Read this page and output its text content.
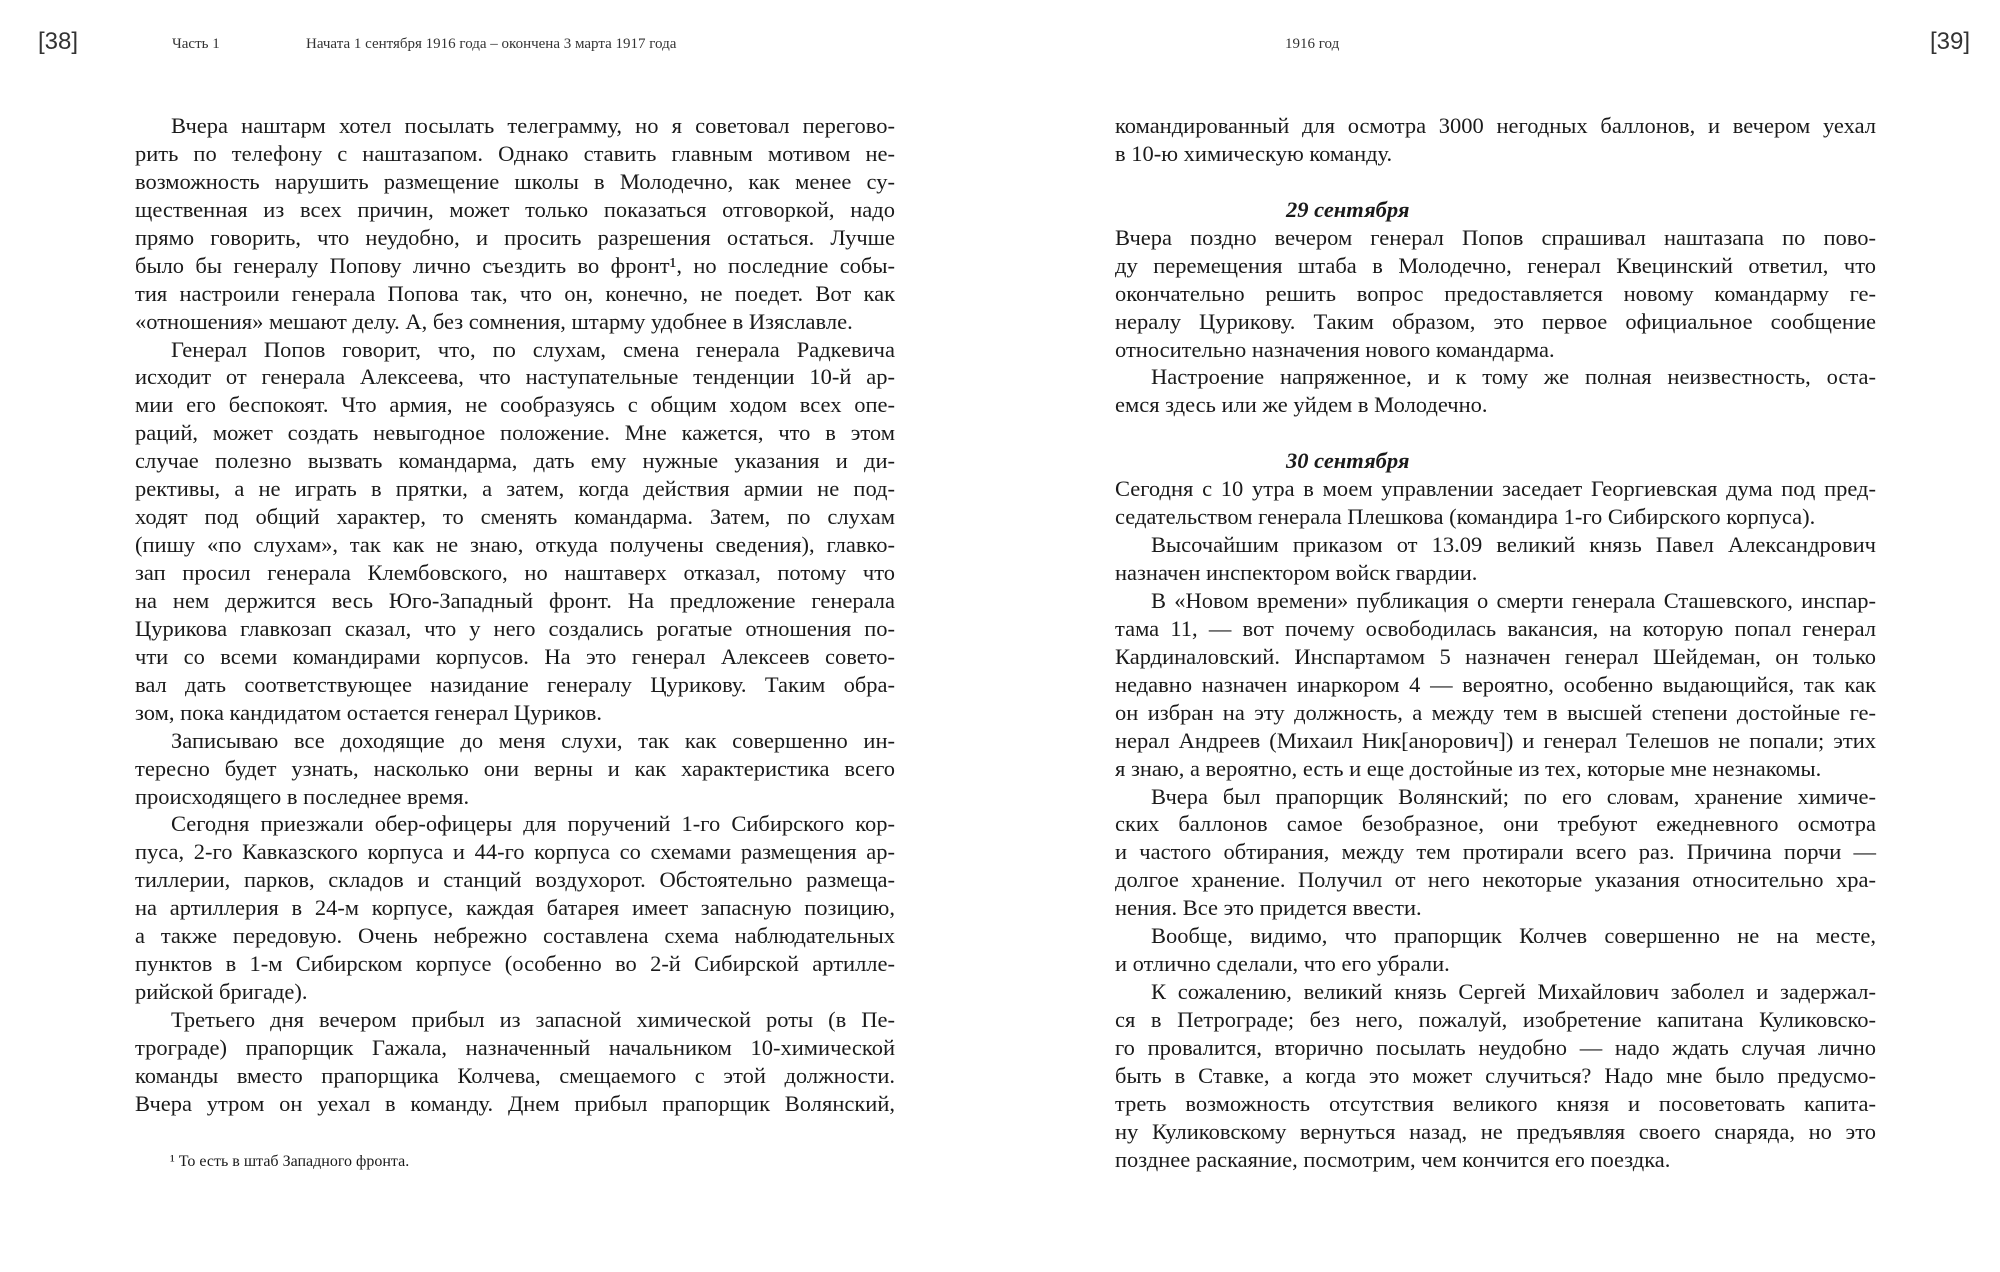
[38]	Часть 1	Начата 1 сентября 1916 года – окончена 3 марта 1917 года	1916 год	[39]
Вчера наштарм хотел посылать телеграмму, но я советовал перегово-
рить по телефону с наштазапом. Однако ставить главным мотивом не-
возможность нарушить размещение школы в Молодечно, как менее су-
щественная из всех причин, может только показаться отговоркой, надо
прямо говорить, что неудобно, и просить разрешения остаться. Лучше
было бы генералу Попову лично съездить во фронт¹, но последние собы-
тия настроили генерала Попова так, что он, конечно, не поедет. Вот как
«отношения» мешают делу. А, без сомнения, штарму удобнее в Изяславле.
Генерал Попов говорит, что, по слухам, смена генерала Радкевича
исходит от генерала Алексеева, что наступательные тенденции 10-й ар-
мии его беспокоят. Что армия, не сообразуясь с общим ходом всех опе-
раций, может создать невыгодное положение. Мне кажется, что в этом
случае полезно вызвать командарма, дать ему нужные указания и ди-
рективы, а не играть в прятки, а затем, когда действия армии не под-
ходят под общий характер, то сменять командарма. Затем, по слухам
(пишу «по слухам», так как не знаю, откуда получены сведения), главко-
зап просил генерала Клембовского, но наштаверх отказал, потому что
на нем держится весь Юго-Западный фронт. На предложение генерала
Цурикова главкозап сказал, что у него создались рогатые отношения по-
чти со всеми командирами корпусов. На это генерал Алексеев совето-
вал дать соответствующее назидание генералу Цурикову. Таким обра-
зом, пока кандидатом остается генерал Цуриков.
Записываю все доходящие до меня слухи, так как совершенно ин-
тересно будет узнать, насколько они верны и как характеристика всего
происходящего в последнее время.
Сегодня приезжали обер-офицеры для поручений 1-го Сибирского кор-
пуса, 2-го Кавказского корпуса и 44-го корпуса со схемами размещения ар-
тиллерии, парков, складов и станций воздухорот. Обстоятельно размеща-
на артиллерия в 24-м корпусе, каждая батарея имеет запасную позицию,
а также передовую. Очень небрежно составлена схема наблюдательных
пунктов в 1-м Сибирском корпусе (особенно во 2-й Сибирской артилле-
рийской бригаде).
Третьего дня вечером прибыл из запасной химической роты (в Пе-
трограде) прапорщик Гажала, назначенный начальником 10-химической
команды вместо прапорщика Колчева, смещаемого с этой должности.
Вчера утром он уехал в команду. Днем прибыл прапорщик Волянский,
командированный для осмотра 3000 негодных баллонов, и вечером уехал
в 10-ю химическую команду.
29 сентября
Вчера поздно вечером генерал Попов спрашивал наштазапа по пово-
ду перемещения штаба в Молодечно, генерал Квецинский ответил, что
окончательно решить вопрос предоставляется новому командарму ге-
нералу Цурикову. Таким образом, это первое официальное сообщение
относительно назначения нового командарма.
Настроение напряженное, и к тому же полная неизвестность, оста-
емся здесь или же уйдем в Молодечно.
30 сентября
Сегодня с 10 утра в моем управлении заседает Георгиевская дума под пред-
седательством генерала Плешкова (командира 1-го Сибирского корпуса).
Высочайшим приказом от 13.09 великий князь Павел Александрович
назначен инспектором войск гвардии.
В «Новом времени» публикация о смерти генерала Сташевского, инспар-
тама 11, — вот почему освободилась вакансия, на которую попал генерал
Кардиналовский. Инспартамом 5 назначен генерал Шейдеман, он только
недавно назначен инаркором 4 — вероятно, особенно выдающийся, так как
он избран на эту должность, а между тем в высшей степени достойные ге-
нерал Андреев (Михаил Ник[анорович]) и генерал Телешов не попали; этих
я знаю, а вероятно, есть и еще достойные из тех, которые мне незнакомы.
Вчера был прапорщик Волянский; по его словам, хранение химиче-
ских баллонов самое безобразное, они требуют ежедневного осмотра
и частого обтирания, между тем протирали всего раз. Причина порчи —
долгое хранение. Получил от него некоторые указания относительно хра-
нения. Все это придется ввести.
Вообще, видимо, что прапорщик Колчев совершенно не на месте,
и отлично сделали, что его убрали.
К сожалению, великий князь Сергей Михайлович заболел и задержал-
ся в Петрограде; без него, пожалуй, изобретение капитана Куликовско-
го провалится, вторично посылать неудобно — надо ждать случая лично
быть в Ставке, а когда это может случиться? Надо мне было предусмо-
треть возможность отсутствия великого князя и посоветовать капита-
ну Куликовскому вернуться назад, не предъявляя своего снаряда, но это
позднее раскаяние, посмотрим, чем кончится его поездка.
¹ То есть в штаб Западного фронта.
